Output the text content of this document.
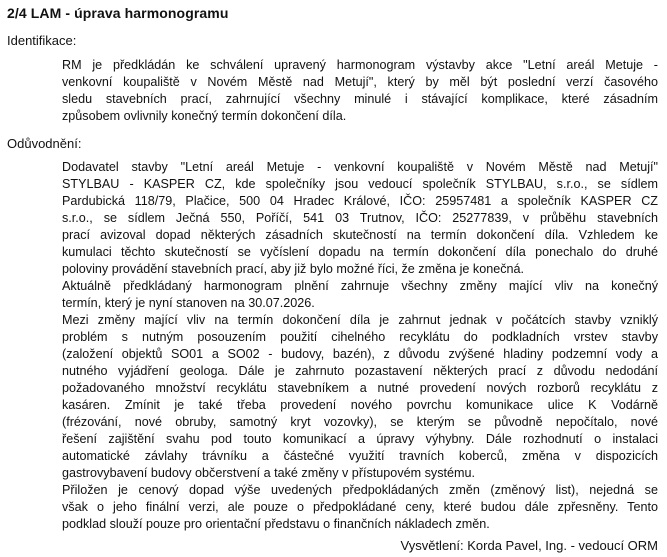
2/4 LAM - úprava harmonogramu
Identifikace:
RM je předkládán ke schválení upravený harmonogram výstavby akce "Letní areál Metuje -
venkovní koupaliště v Novém Městě nad Metují", který by měl být poslední verzí časového
sledu stavebních prací, zahrnující všechny minulé i stávající komplikace, které zásadním
způsobem ovlivnily konečný termín dokončení díla.
Odůvodnění:
Dodavatel stavby "Letní areál Metuje - venkovní koupaliště v Novém Městě nad Metují"
STYLBAU - KASPER CZ, kde společníky jsou vedoucí společník STYLBAU, s.r.o., se sídlem
Pardubická 118/79, Plačice, 500 04 Hradec Králové, IČO: 25957481 a společník KASPER CZ
s.r.o., se sídlem Ječná 550, Poříčí, 541 03 Trutnov, IČO: 25277839, v průběhu stavebních
prací avizoval dopad některých zásadních skutečností na termín dokončení díla. Vzhledem ke
kumulaci těchto skutečností se vyčíslení dopadu na termín dokončení díla ponechalo do druhé
poloviny provádění stavebních prací, aby již bylo možné říci, že změna je konečná.
Aktuálně předkládaný harmonogram plnění zahrnuje všechny změny mající vliv na konečný
termín, který je nyní stanoven na 30.07.2026.
Mezi změny mající vliv na termín dokončení díla je zahrnut jednak v počátcích stavby vzniklý
problém s nutným posouzením použití cihelného recyklátu do podkladních vrstev stavby
(založení objektů SO01 a SO02 - budovy, bazén), z důvodu zvýšené hladiny podzemní vody a
nutného vyjádření geologa. Dále je zahrnuto pozastavení některých prací z důvodu nedodání
požadovaného množství recyklátu stavebníkem a nutné provedení nových rozborů recyklátu z
kasáren. Zmínit je také třeba provedení nového povrchu komunikace ulice K Vodárně
(frézování, nové obruby, samotný kryt vozovky), se kterým se původně nepočítalo, nové
řešení zajištění svahu pod touto komunikací a úpravy výhybny. Dále rozhodnutí o instalaci
automatické závlahy trávníku a částečné využití travních koberců, změna v dispozicích
gastrovybavení budovy občerstvení a také změny v přístupovém systému.
Přiložen je cenový dopad výše uvedených předpokládaných změn (změnový list), nejedná se
však o jeho finální verzi, ale pouze o předpokládané ceny, které budou dále zpřesněny. Tento
podklad slouží pouze pro orientační představu o finančních nákladech změn.
Vysvětlení: Korda Pavel, Ing. - vedoucí ORM
